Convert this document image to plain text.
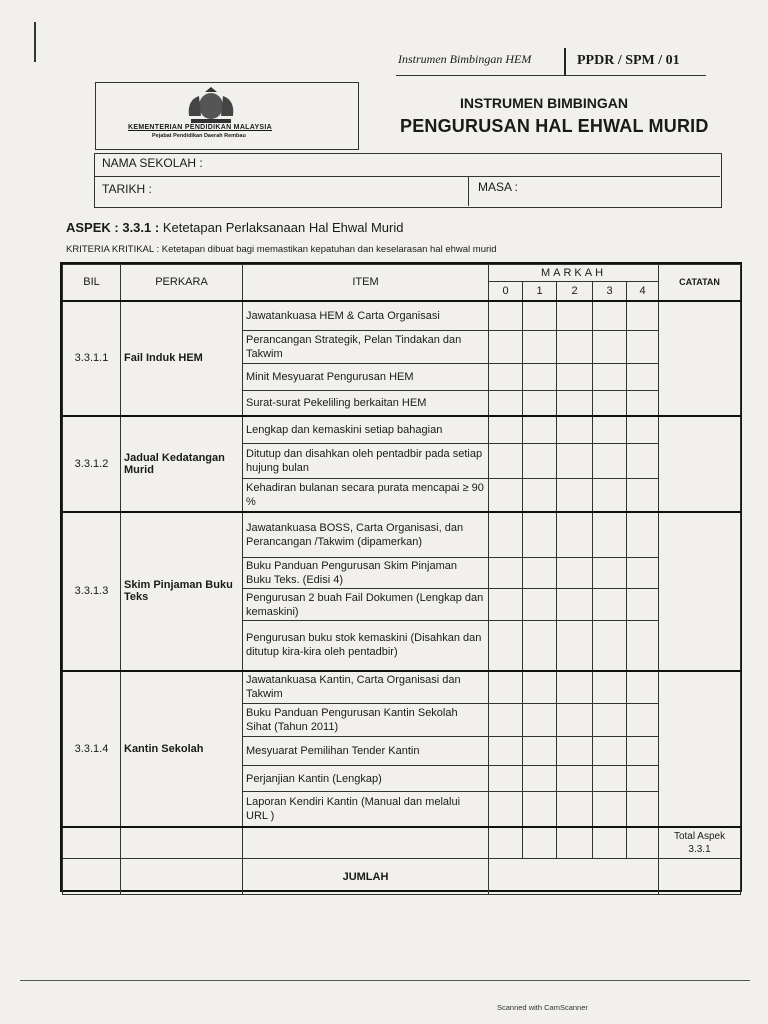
Instrumen Bimbingan HEM	PPDR / SPM / 01
KEMENTERIAN PENDIDIKAN MALAYSIA
Pejabat Pendidikan Daerah Rembau
INSTRUMEN BIMBINGAN
PENGURUSAN HAL EHWAL MURID
NAMA SEKOLAH :
TARIKH :	MASA :
ASPEK : 3.3.1 : Ketetapan Perlaksanaan Hal Ehwal Murid
KRITERIA KRITIKAL : Ketetapan dibuat bagi memastikan kepatuhan dan keselarasan hal ehwal murid
BIL	PERKARA	ITEM	MARKAH					CATATAN
			0	1	2	3	4	
3.3.1.1	Fail Induk HEM	Jawatankuasa HEM & Carta Organisasi						
		Perancangan Strategik, Pelan Tindakan dan Takwim						
		Minit Mesyuarat Pengurusan HEM						
		Surat-surat Pekeliling berkaitan HEM						
3.3.1.2	Jadual Kedatangan Murid	Lengkap dan kemaskini setiap bahagian						
		Ditutup dan disahkan oleh pentadbir pada setiap hujung bulan						
		Kehadiran bulanan secara purata mencapai ≥ 90 %						
3.3.1.3	Skim Pinjaman Buku Teks	Jawatankuasa BOSS, Carta Organisasi, dan Perancangan /Takwim (dipamerkan)						
		Buku Panduan Pengurusan Skim Pinjaman Buku Teks. (Edisi 4)						
		Pengurusan 2 buah Fail Dokumen (Lengkap dan kemaskini)						
		Pengurusan buku stok kemaskini (Disahkan dan ditutup kira-kira oleh pentadbir)						
3.3.1.4	Kantin Sekolah	Jawatankuasa Kantin, Carta Organisasi dan Takwim						
		Buku Panduan Pengurusan Kantin Sekolah Sihat (Tahun 2011)						
		Mesyuarat Pemilihan Tender Kantin						
		Perjanjian Kantin (Lengkap)						
		Laporan Kendiri Kantin (Manual dan melalui URL )						
								Total Aspek 3.3.1
		JUMLAH						
Scanned with CamScanner
